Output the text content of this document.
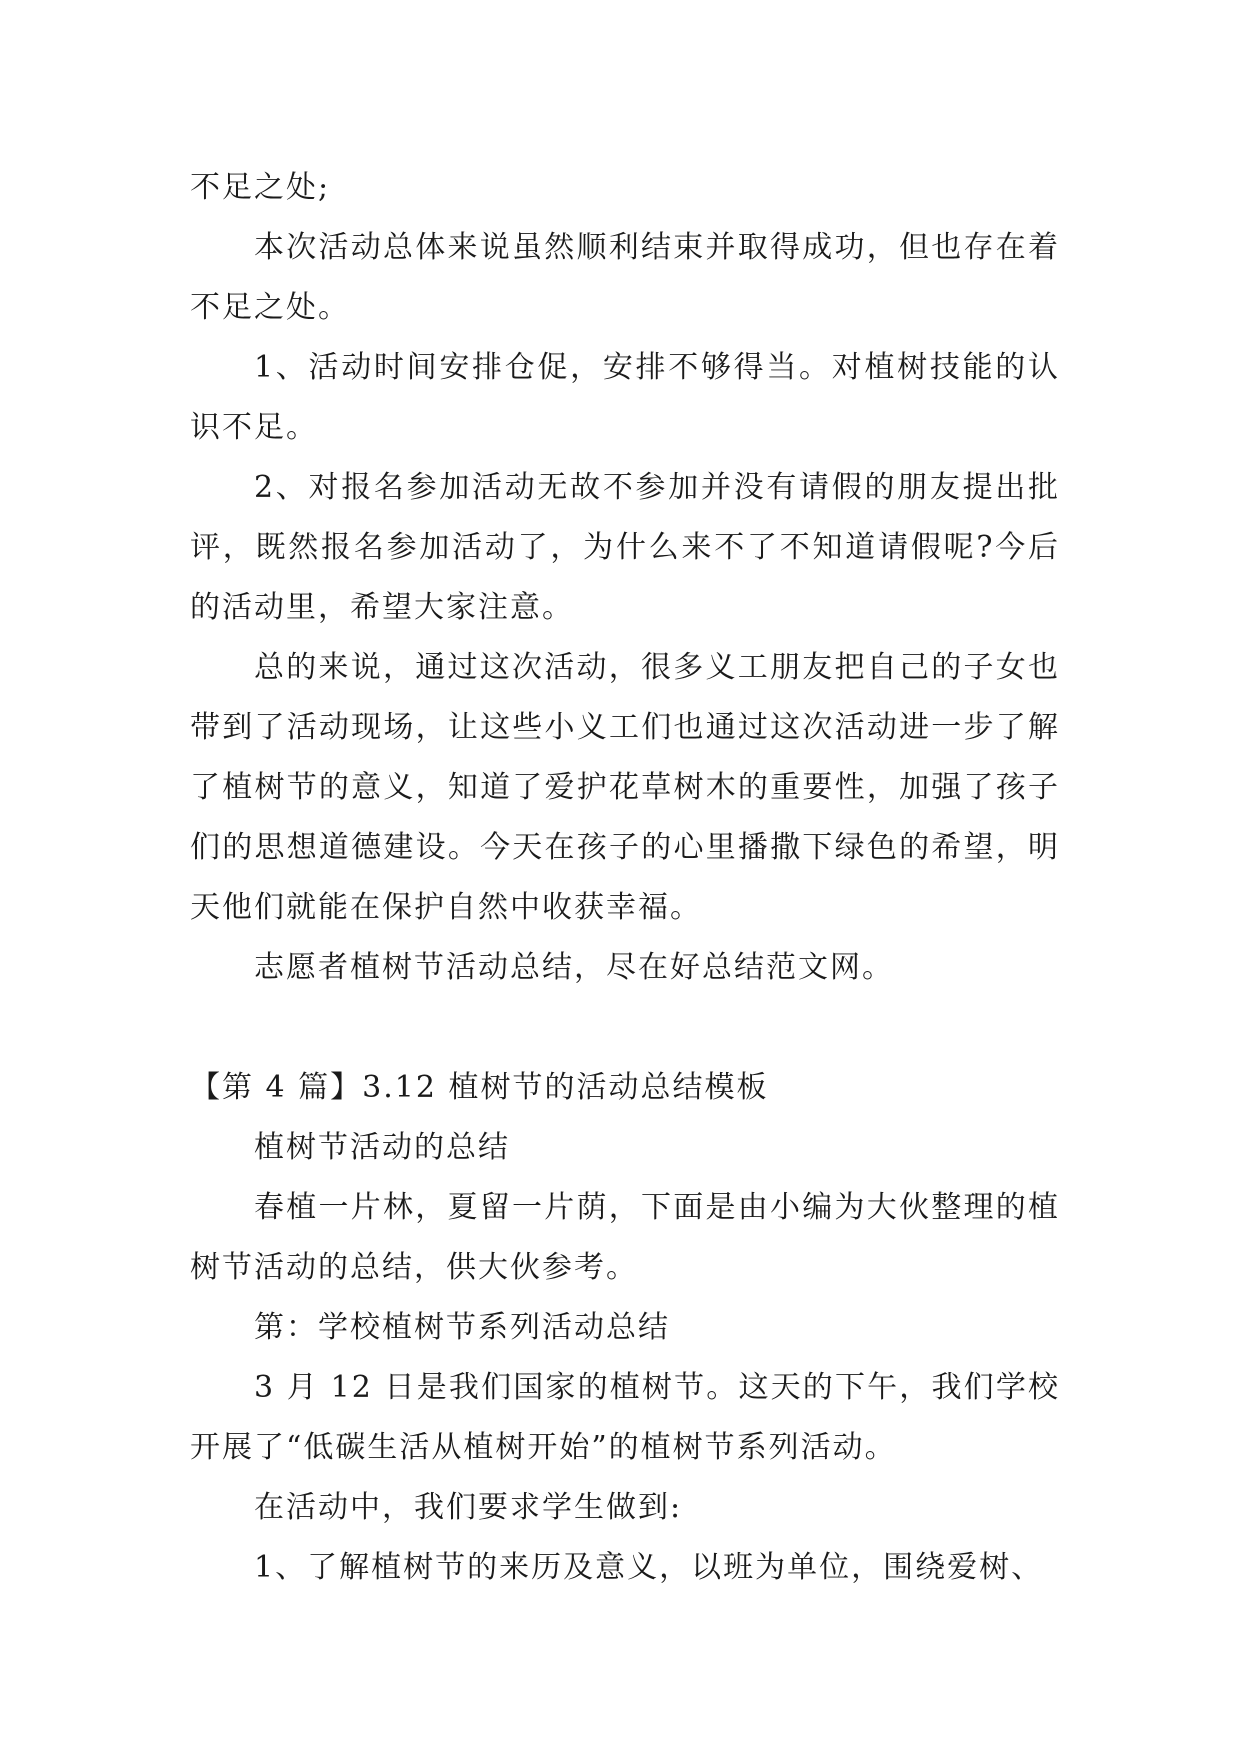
不足之处;

本次活动总体来说虽然顺利结束并取得成功，但也存在着不足之处。

1、活动时间安排仓促，安排不够得当。对植树技能的认识不足。

2、对报名参加活动无故不参加并没有请假的朋友提出批评，既然报名参加活动了，为什么来不了不知道请假呢?今后的活动里，希望大家注意。

总的来说，通过这次活动，很多义工朋友把自己的子女也带到了活动现场，让这些小义工们也通过这次活动进一步了解了植树节的意义，知道了爱护花草树木的重要性，加强了孩子们的思想道德建设。今天在孩子的心里播撒下绿色的希望，明天他们就能在保护自然中收获幸福。

志愿者植树节活动总结，尽在好总结范文网。

【第 4 篇】3.12 植树节的活动总结模板

植树节活动的总结

春植一片林，夏留一片荫，下面是由小编为大伙整理的植树节活动的总结，供大伙参考。

第：学校植树节系列活动总结

3 月 12 日是我们国家的植树节。这天的下午，我们学校开展了“低碳生活从植树开始”的植树节系列活动。

在活动中，我们要求学生做到:

1、了解植树节的来历及意义，以班为单位，围绕爱树、
